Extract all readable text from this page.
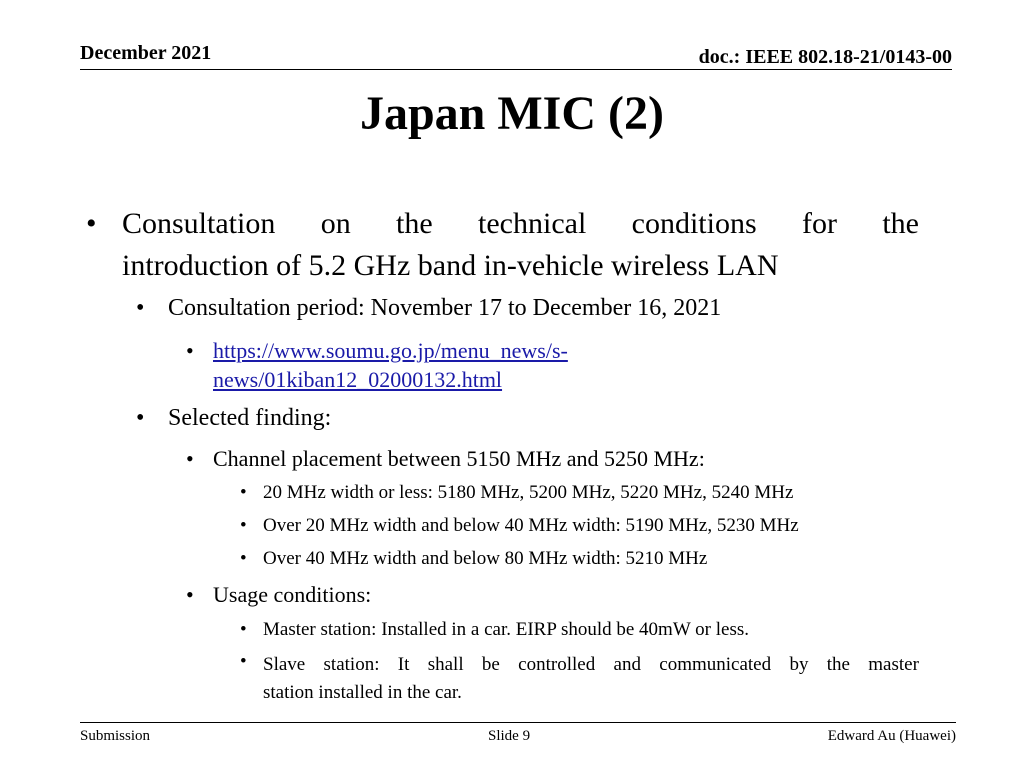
December 2021	doc.: IEEE 802.18-21/0143-00
Japan MIC (2)
• Consultation on the technical conditions for the
introduction of 5.2 GHz band in-vehicle wireless LAN
• Consultation period: November 17 to December 16, 2021
• https://www.soumu.go.jp/menu_news/s-
news/01kiban12_02000132.html
• Selected finding:
• Channel placement between 5150 MHz and 5250 MHz:
• 20 MHz width or less: 5180 MHz, 5200 MHz, 5220 MHz, 5240 MHz
• Over 20 MHz width and below 40 MHz width: 5190 MHz, 5230 MHz
• Over 40 MHz width and below 80 MHz width: 5210 MHz
• Usage conditions:
• Master station: Installed in a car. EIRP should be 40mW or less.
• Slave station: It shall be controlled and communicated by the master
station installed in the car.
Submission	Slide 9	Edward Au (Huawei)
